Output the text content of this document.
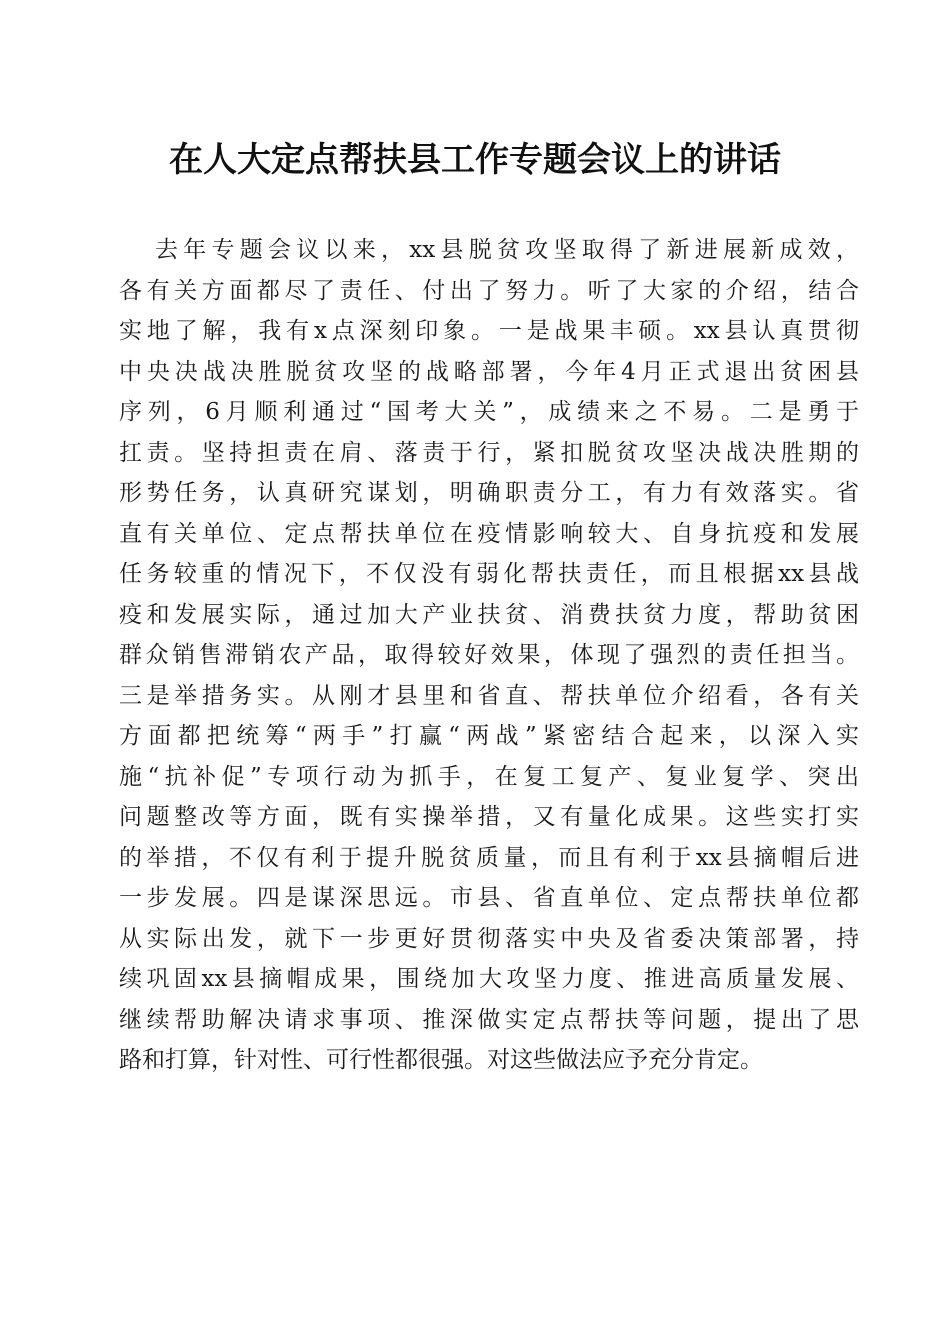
在人大定点帮扶县工作专题会议上的讲话
去年专题会议以来，xx县脱贫攻坚取得了新进展新成效，
各有关方面都尽了责任、付出了努力。听了大家的介绍，结合
实地了解，我有x点深刻印象。一是战果丰硕。xx县认真贯彻
中央决战决胜脱贫攻坚的战略部署，今年4月正式退出贫困县
序列，6月顺利通过“国考大关”，成绩来之不易。二是勇于
扛责。坚持担责在肩、落责于行，紧扣脱贫攻坚决战决胜期的
形势任务，认真研究谋划，明确职责分工，有力有效落实。省
直有关单位、定点帮扶单位在疫情影响较大、自身抗疫和发展
任务较重的情况下，不仅没有弱化帮扶责任，而且根据xx县战
疫和发展实际，通过加大产业扶贫、消费扶贫力度，帮助贫困
群众销售滞销农产品，取得较好效果，体现了强烈的责任担当。
三是举措务实。从刚才县里和省直、帮扶单位介绍看，各有关
方面都把统筹“两手”打赢“两战”紧密结合起来，以深入实
施“抗补促”专项行动为抓手，在复工复产、复业复学、突出
问题整改等方面，既有实操举措，又有量化成果。这些实打实
的举措，不仅有利于提升脱贫质量，而且有利于xx县摘帽后进
一步发展。四是谋深思远。市县、省直单位、定点帮扶单位都
从实际出发，就下一步更好贯彻落实中央及省委决策部署，持
续巩固xx县摘帽成果，围绕加大攻坚力度、推进高质量发展、
继续帮助解决请求事项、推深做实定点帮扶等问题，提出了思
路和打算，针对性、可行性都很强。对这些做法应予充分肯定。
